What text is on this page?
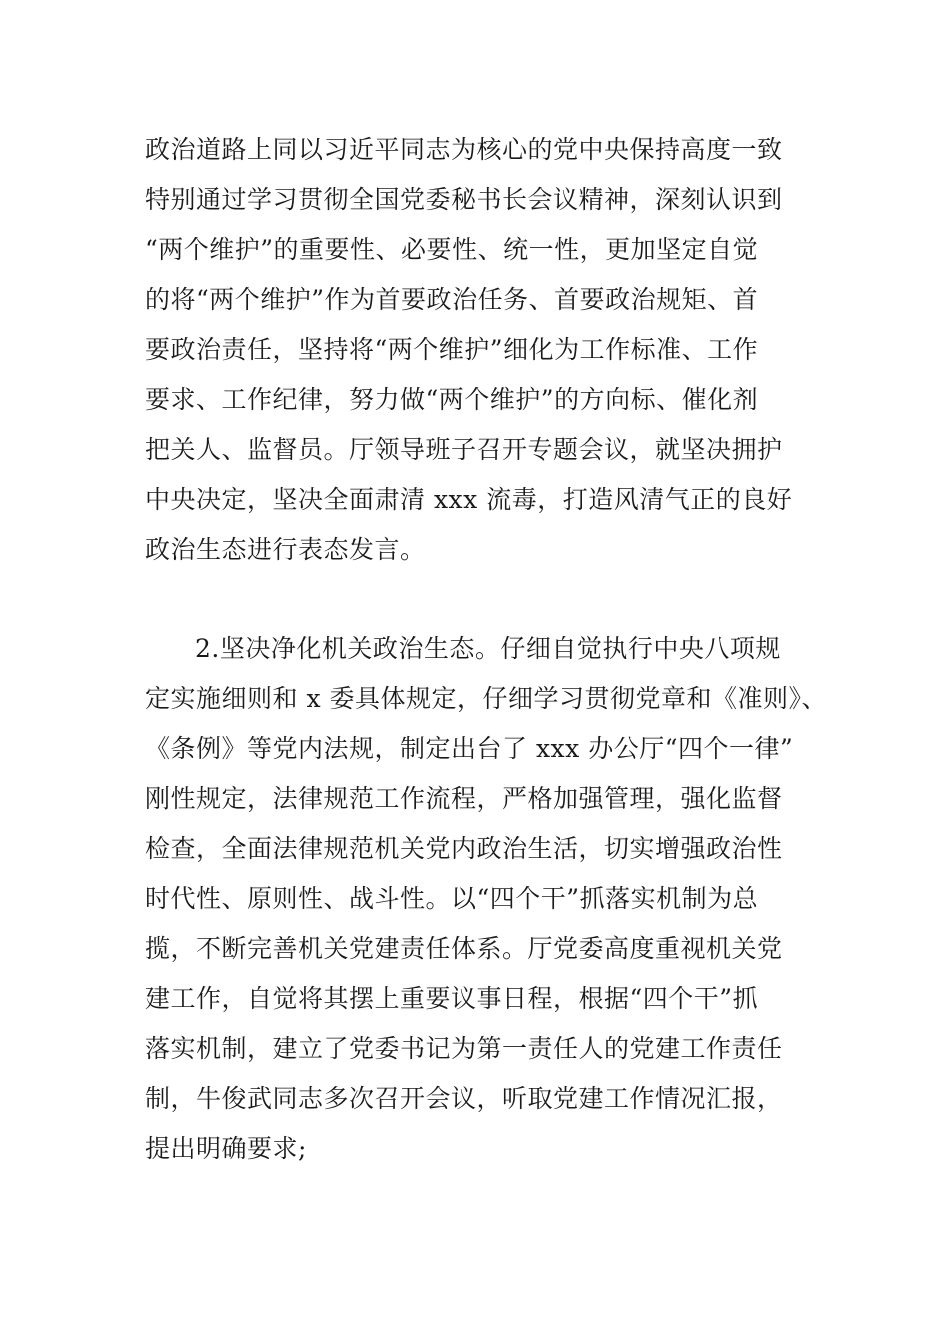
政治道路上同以习近平同志为核心的党中央保持高度一致
特别通过学习贯彻全国党委秘书长会议精神，深刻认识到
“两个维护”的重要性、必要性、统一性，更加坚定自觉
的将“两个维护”作为首要政治任务、首要政治规矩、首
要政治责任，坚持将“两个维护”细化为工作标准、工作
要求、工作纪律，努力做“两个维护”的方向标、催化剂
把关人、监督员。厅领导班子召开专题会议，就坚决拥护
中央决定，坚决全面肃清 xxx 流毒，打造风清气正的良好
政治生态进行表态发言。
2.坚决净化机关政治生态。仔细自觉执行中央八项规
定实施细则和 x 委具体规定，仔细学习贯彻党章和《准则》、
《条例》等党内法规，制定出台了 xxx 办公厅“四个一律”
刚性规定，法律规范工作流程，严格加强管理，强化监督
检查，全面法律规范机关党内政治生活，切实增强政治性
时代性、原则性、战斗性。以“四个干”抓落实机制为总
揽，不断完善机关党建责任体系。厅党委高度重视机关党
建工作，自觉将其摆上重要议事日程，根据“四个干”抓
落实机制，建立了党委书记为第一责任人的党建工作责任
制，牛俊武同志多次召开会议，听取党建工作情况汇报，
提出明确要求;
